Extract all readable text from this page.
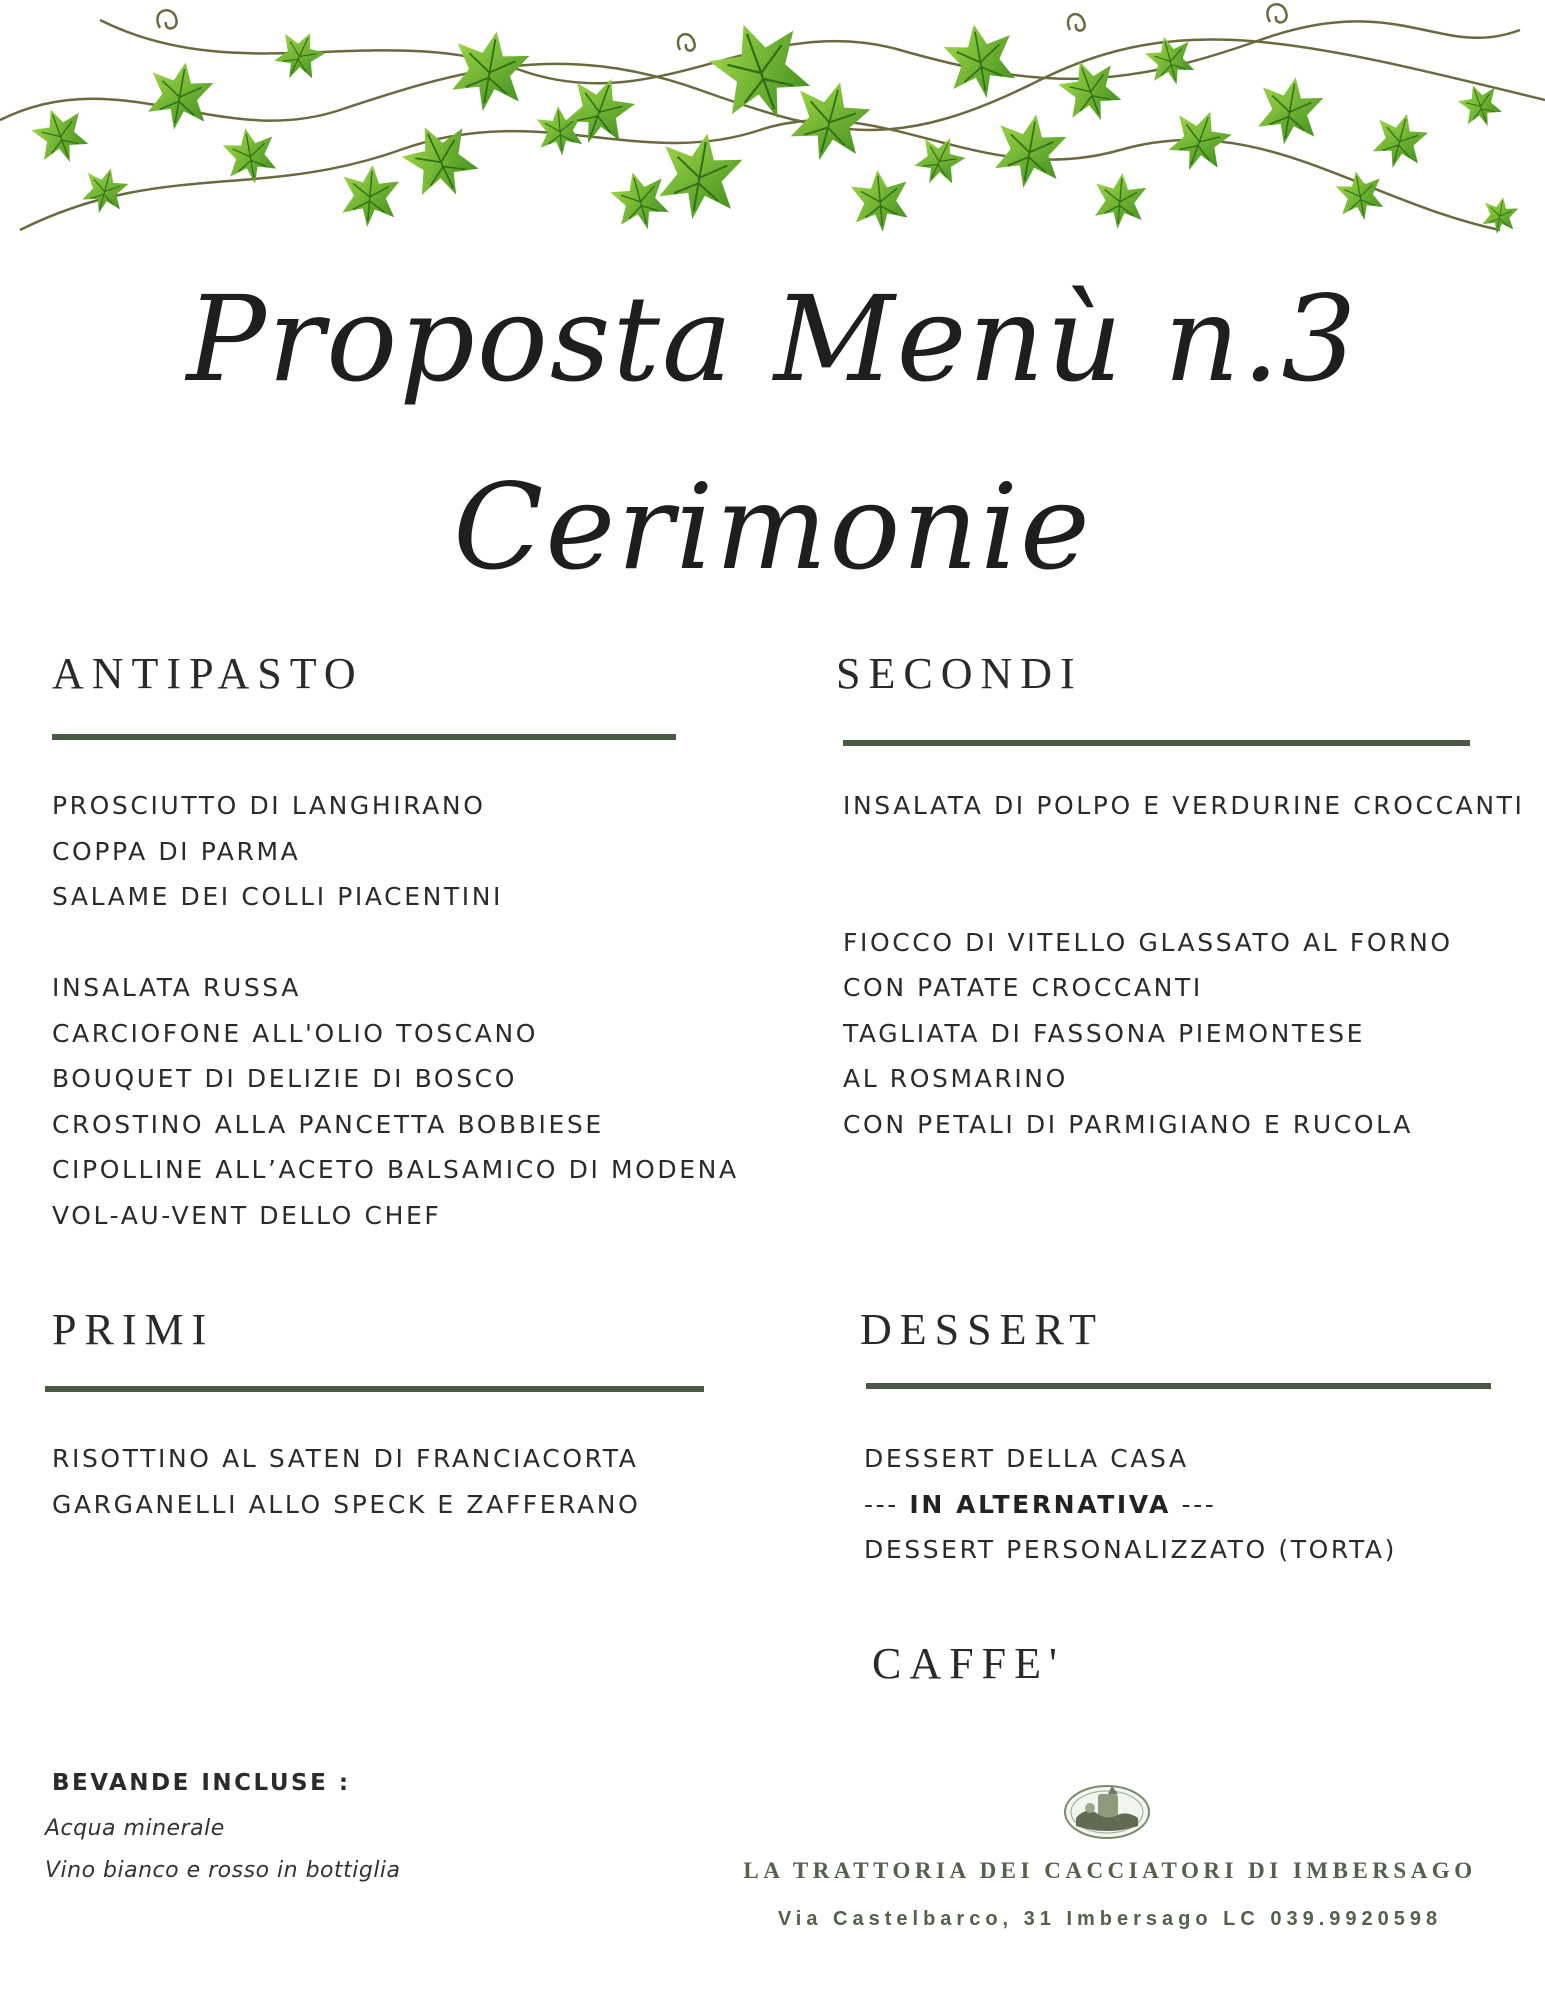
Proposta Menù n.3
Cerimonie
ANTIPASTO
PROSCIUTTO DI LANGHIRANO
COPPA DI PARMA
SALAME DEI COLLI PIACENTINI
INSALATA RUSSA
CARCIOFONE ALL'OLIO TOSCANO
BOUQUET DI DELIZIE DI BOSCO
CROSTINO ALLA PANCETTA BOBBIESE
CIPOLLINE ALL’ACETO BALSAMICO DI MODENA
VOL-AU-VENT DELLO CHEF
SECONDI
INSALATA DI POLPO E VERDURINE CROCCANTI
FIOCCO DI VITELLO GLASSATO AL FORNO
CON PATATE CROCCANTI
TAGLIATA DI FASSONA PIEMONTESE
AL ROSMARINO
CON PETALI DI PARMIGIANO E RUCOLA
PRIMI
RISOTTINO AL SATEN DI FRANCIACORTA
GARGANELLI ALLO SPECK E ZAFFERANO
DESSERT
DESSERT DELLA CASA
--- IN ALTERNATIVA ---
DESSERT PERSONALIZZATO (TORTA)
CAFFE'
BEVANDE INCLUSE :
Acqua minerale
Vino bianco e rosso in bottiglia	LA TRATTORIA DEI CACCIATORI DI IMBERSAGO
Via Castelbarco, 31 Imbersago LC 039.9920598
